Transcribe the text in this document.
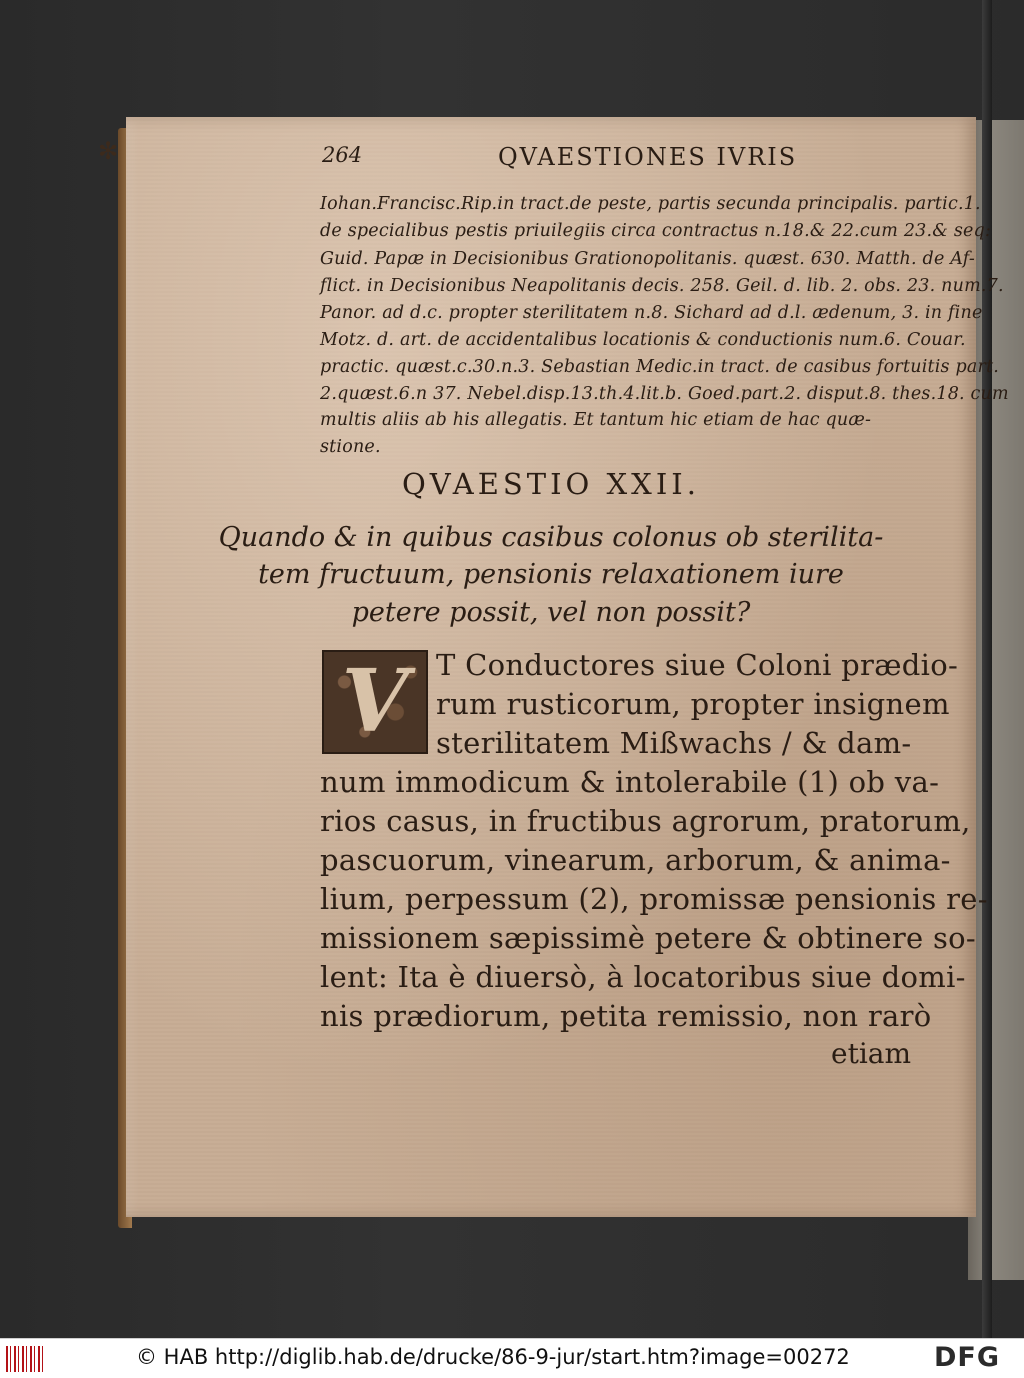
✻	264	QVAESTIONES IVRIS
Iohan.Francisc.Rip.in tract.de peste, partis secunda principalis. partic.1.
de specialibus pestis priuilegiis circa contractus n.18.& 22.cum 23.& seq:
Guid. Papæ in Decisionibus Grationopolitanis. quæst. 630. Matth. de Af-
flict. in Decisionibus Neapolitanis decis. 258. Geil. d. lib. 2. obs. 23. num.7.
Panor. ad d.c. propter sterilitatem n.8. Sichard ad d.l. ædenum, 3. in fine
Motz. d. art. de accidentalibus locationis & conductionis num.6. Couar.
practic. quæst.c.30.n.3. Sebastian Medic.in tract. de casibus fortuitis part.
2.quæst.6.n 37. Nebel.disp.13.th.4.lit.b. Goed.part.2. disput.8. thes.18. cum
multis aliis ab his allegatis. Et tantum hic etiam de hac quæ-
stione.
QVAESTIO XXII.
Quando & in quibus casibus colonus ob sterilita-
tem fructuum, pensionis relaxationem iure
petere possit, vel non possit?
V T Conductores siue Coloni prædio-
rum rusticorum, propter insignem
sterilitatem Mißwachs / & dam-
num immodicum & intolerabile (1) ob va-
rios casus, in fructibus agrorum, pratorum,
pascuorum, vinearum, arborum, & anima-
lium, perpessum (2), promissæ pensionis re-
missionem sæpissimè petere & obtinere so-
lent: Ita è diuersò, à locatoribus siue domi-
nis prædiorum, petita remissio, non rarò
etiam
© HAB http://diglib.hab.de/drucke/86-9-jur/start.htm?image=00272	DFG
